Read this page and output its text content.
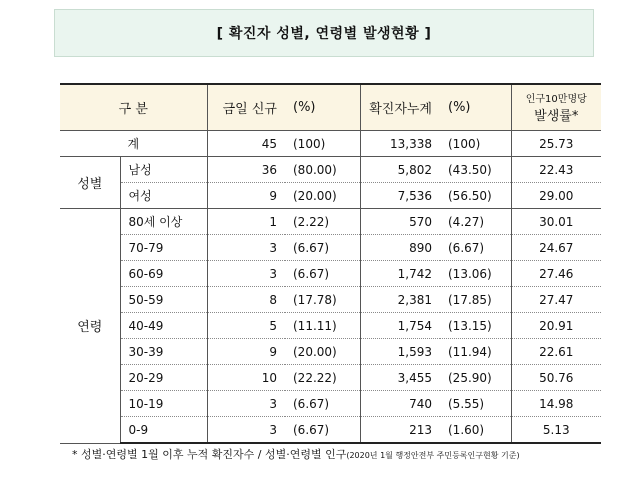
[ 확진자 성별, 연령별 발생현황 ]
구 분		금일 신규	(%)	확진자누계	(%)	인구10만명당
발생률*

계		45	(100)	13,338	(100)	25.73
성별	남성	36	(80.00)	5,802	(43.50)	22.43
	여성	9	(20.00)	7,536	(56.50)	29.00
연령	80세 이상	1	(2.22)	570	(4.27)	30.01
	70-79	3	(6.67)	890	(6.67)	24.67
	60-69	3	(6.67)	1,742	(13.06)	27.46
	50-59	8	(17.78)	2,381	(17.85)	27.47
	40-49	5	(11.11)	1,754	(13.15)	20.91
	30-39	9	(20.00)	1,593	(11.94)	22.61
	20-29	10	(22.22)	3,455	(25.90)	50.76
	10-19	3	(6.67)	740	(5.55)	14.98
	0-9	3	(6.67)	213	(1.60)	5.13
* 성별·연령별 1월 이후 누적 확진자수 / 성별·연령별 인구(2020년 1월 행정안전부 주민등록인구현황 기준)
